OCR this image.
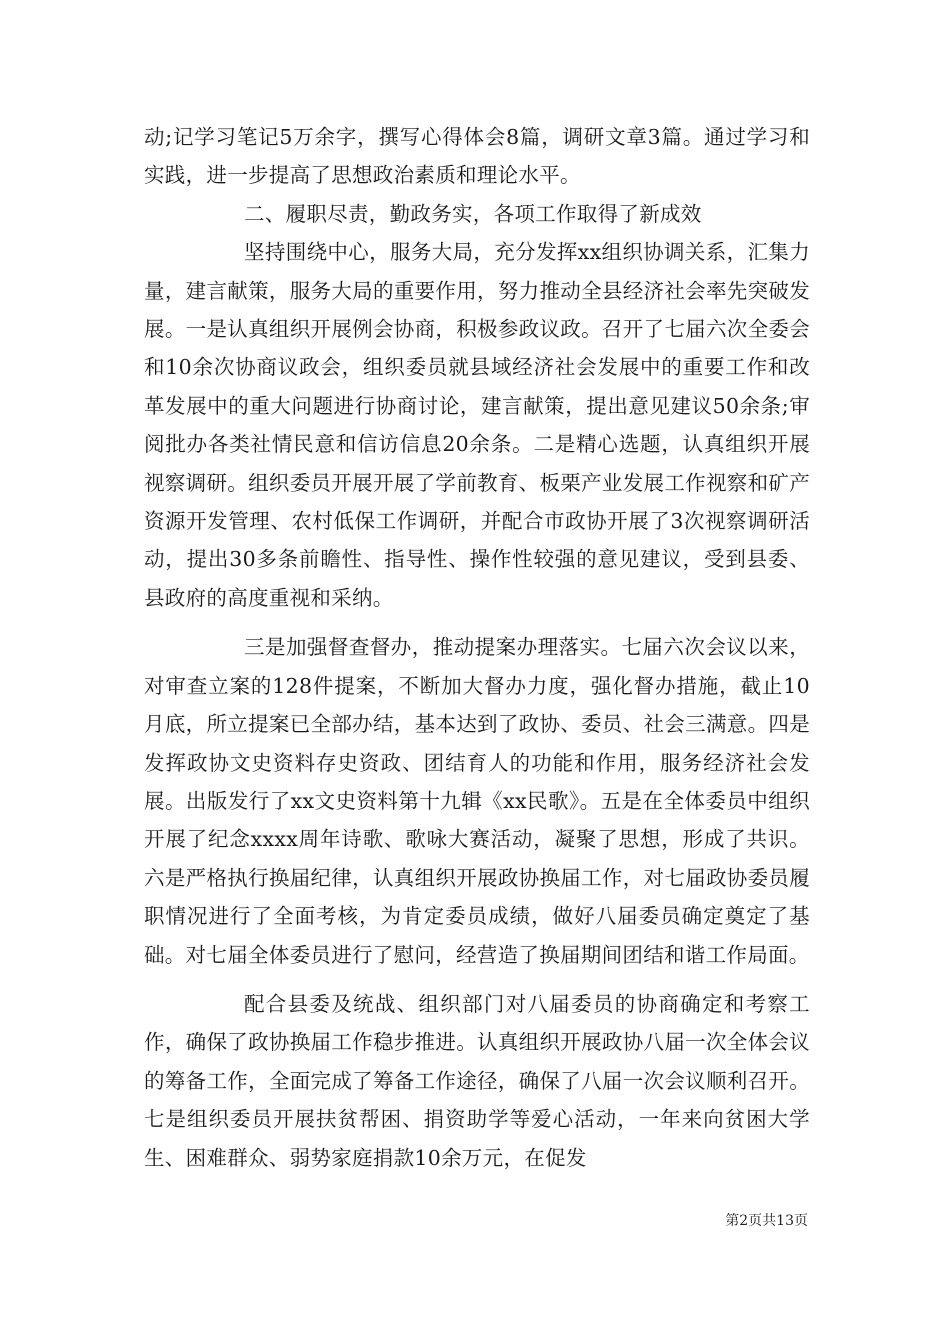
动;记学习笔记5万余字，撰写心得体会8篇，调研文章3篇。通过学习和实践，进一步提高了思想政治素质和理论水平。

二、履职尽责，勤政务实，各项工作取得了新成效

坚持围绕中心，服务大局，充分发挥xx组织协调关系，汇集力量，建言献策，服务大局的重要作用，努力推动全县经济社会率先突破发展。一是认真组织开展例会协商，积极参政议政。召开了七届六次全委会和10余次协商议政会，组织委员就县域经济社会发展中的重要工作和改革发展中的重大问题进行协商讨论，建言献策，提出意见建议50余条;审阅批办各类社情民意和信访信息20余条。二是精心选题，认真组织开展视察调研。组织委员开展开展了学前教育、板栗产业发展工作视察和矿产资源开发管理、农村低保工作调研，并配合市政协开展了3次视察调研活动，提出30多条前瞻性、指导性、操作性较强的意见建议，受到县委、县政府的高度重视和采纳。

三是加强督查督办，推动提案办理落实。七届六次会议以来，对审查立案的128件提案，不断加大督办力度，强化督办措施，截止10月底，所立提案已全部办结，基本达到了政协、委员、社会三满意。四是发挥政协文史资料存史资政、团结育人的功能和作用，服务经济社会发展。出版发行了xx文史资料第十九辑《xx民歌》。五是在全体委员中组织开展了纪念xxxx周年诗歌、歌咏大赛活动，凝聚了思想，形成了共识。六是严格执行换届纪律，认真组织开展政协换届工作，对七届政协委员履职情况进行了全面考核，为肯定委员成绩，做好八届委员确定奠定了基础。对七届全体委员进行了慰问，经营造了换届期间团结和谐工作局面。

配合县委及统战、组织部门对八届委员的协商确定和考察工作，确保了政协换届工作稳步推进。认真组织开展政协八届一次全体会议的筹备工作，全面完成了筹备工作途径，确保了八届一次会议顺利召开。七是组织委员开展扶贫帮困、捐资助学等爱心活动，一年来向贫困大学生、困难群众、弱势家庭捐款10余万元，在促发

第2页共13页
